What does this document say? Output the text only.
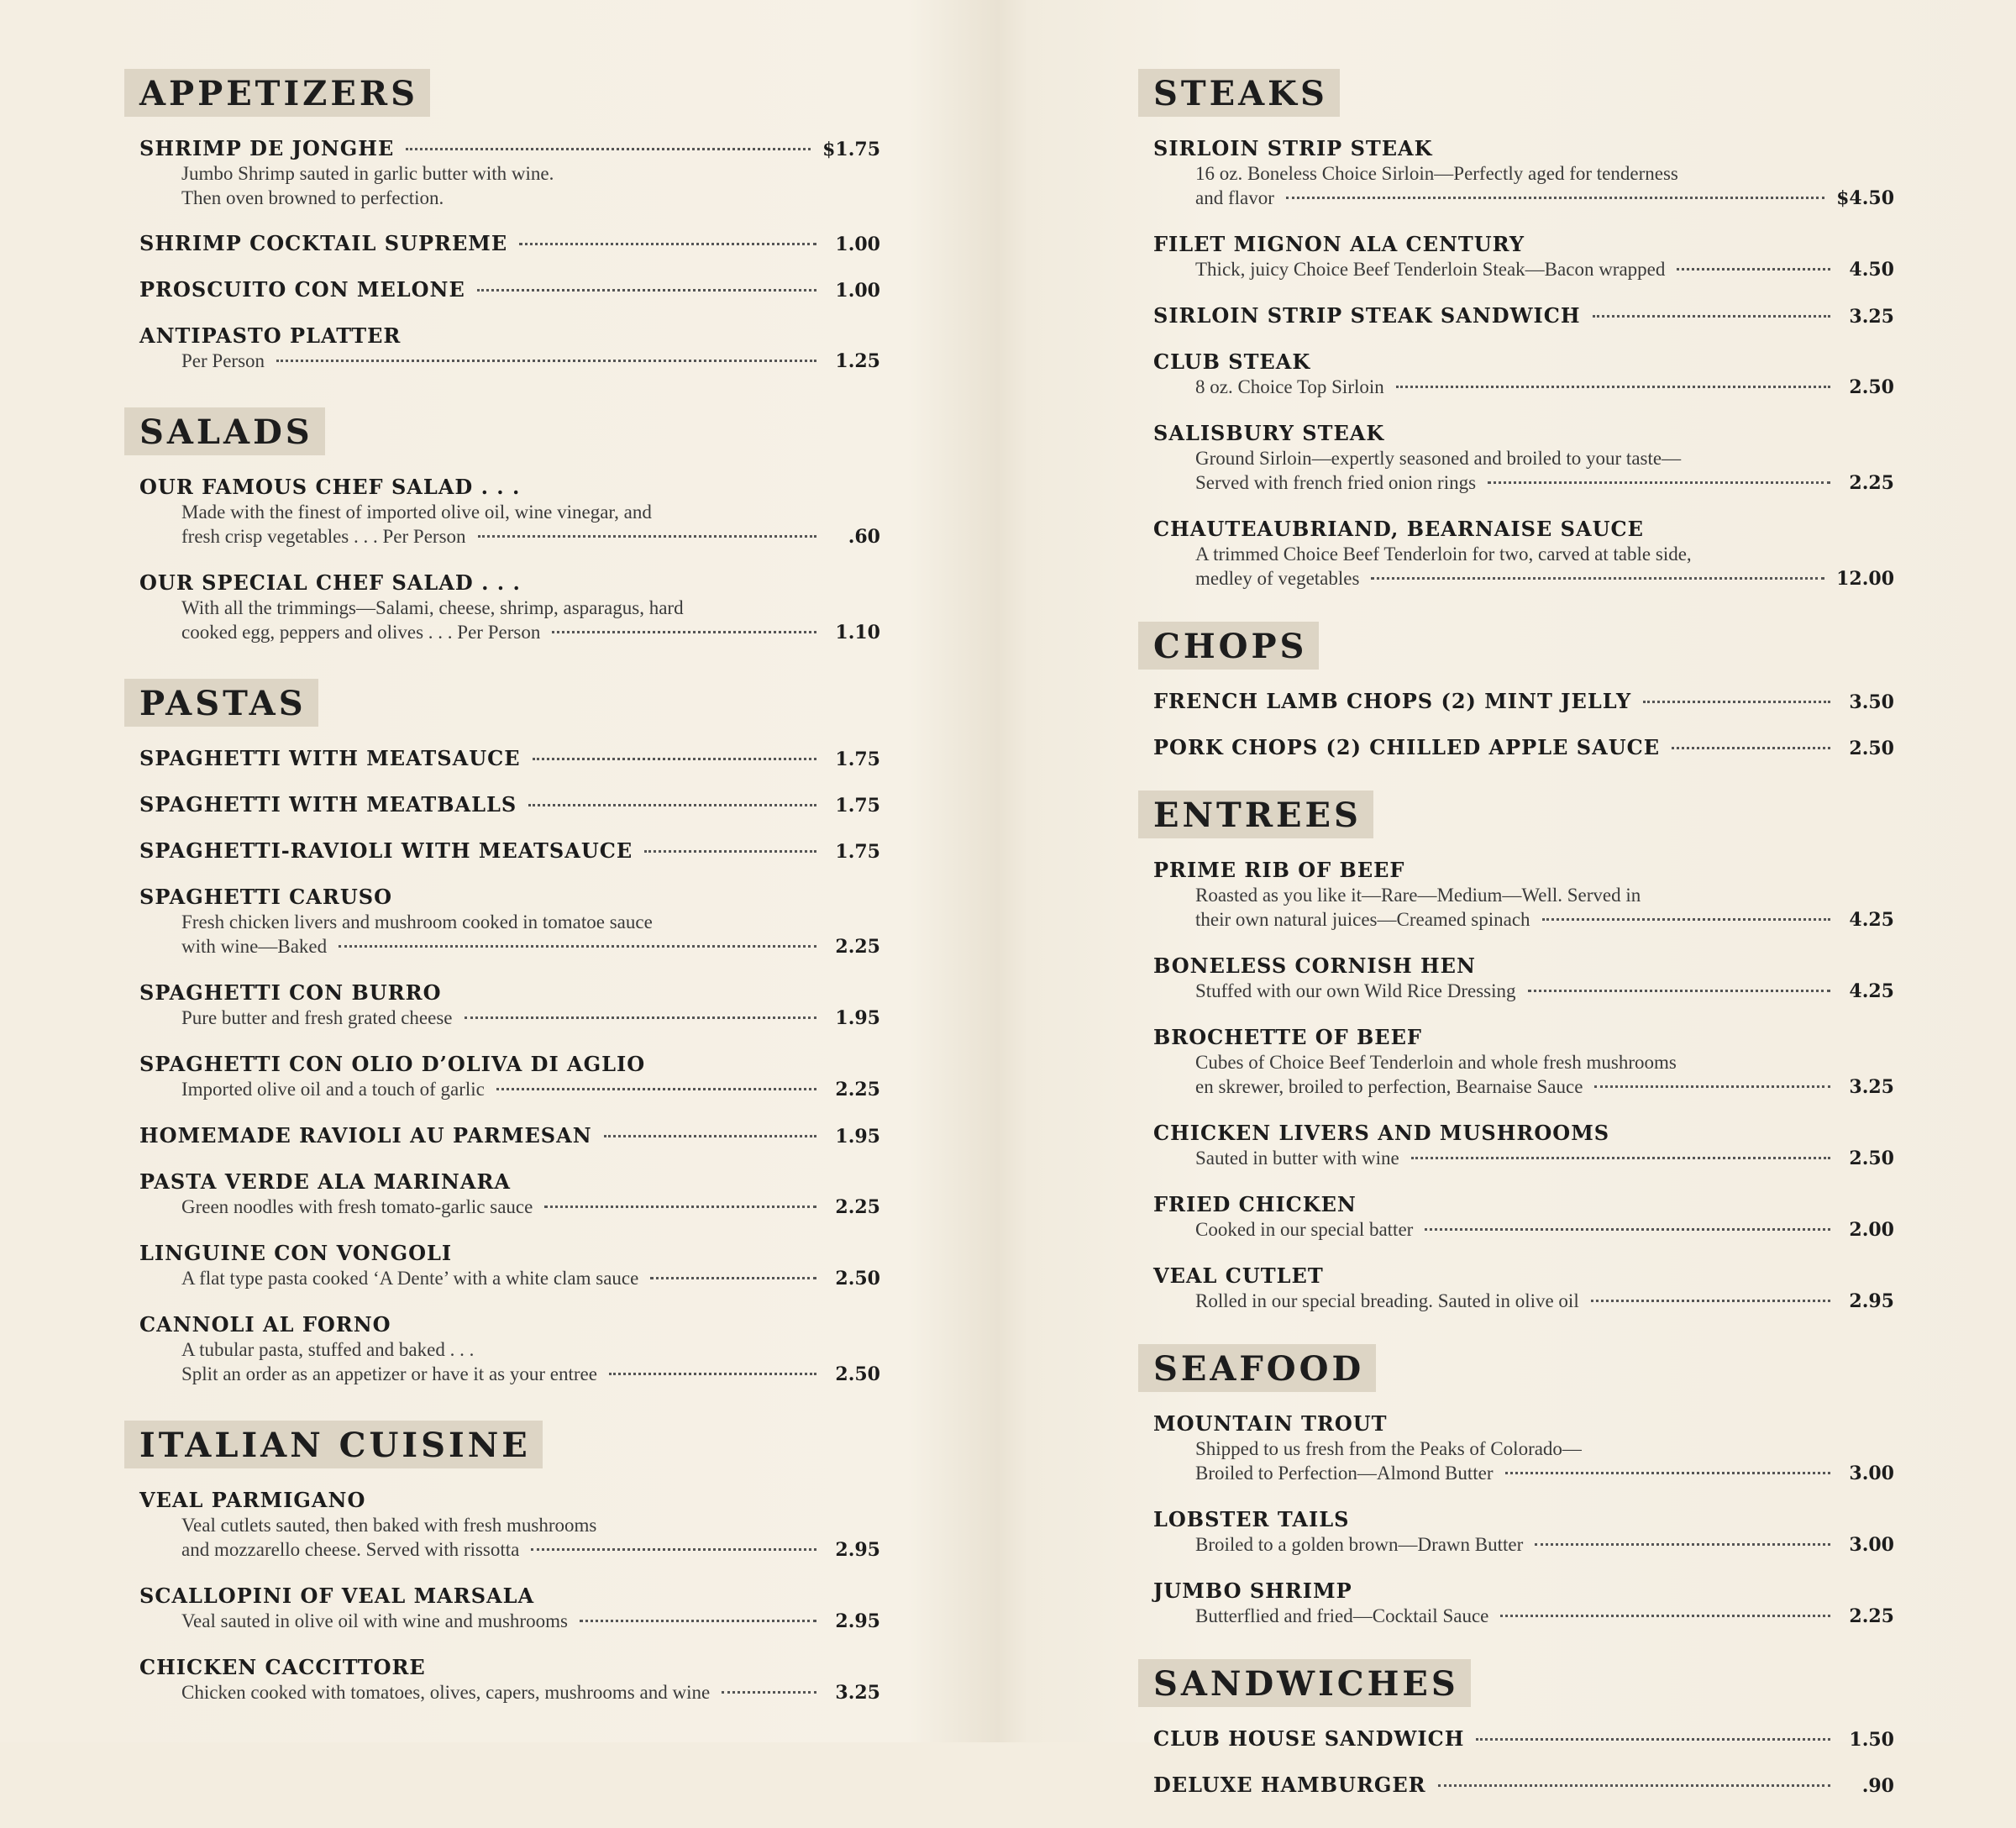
APPETIZERS
SHRIMP DE JONGHE	$1.75
Jumbo Shrimp sauted in garlic butter with wine.
Then oven browned to perfection.
SHRIMP COCKTAIL SUPREME	1.00
PROSCUITO CON MELONE	1.00
ANTIPASTO PLATTER
Per Person	1.25
SALADS
OUR FAMOUS CHEF SALAD . . .
Made with the finest of imported olive oil, wine vinegar, and
fresh crisp vegetables . . . Per Person	.60
OUR SPECIAL CHEF SALAD . . .
With all the trimmings—Salami, cheese, shrimp, asparagus, hard
cooked egg, peppers and olives . . . Per Person	1.10
PASTAS
SPAGHETTI WITH MEATSAUCE	1.75
SPAGHETTI WITH MEATBALLS	1.75
SPAGHETTI-RAVIOLI WITH MEATSAUCE	1.75
SPAGHETTI CARUSO
Fresh chicken livers and mushroom cooked in tomatoe sauce
with wine—Baked	2.25
SPAGHETTI CON BURRO
Pure butter and fresh grated cheese	1.95
SPAGHETTI CON OLIO D’OLIVA DI AGLIO
Imported olive oil and a touch of garlic	2.25
HOMEMADE RAVIOLI AU PARMESAN	1.95
PASTA VERDE ALA MARINARA
Green noodles with fresh tomato-garlic sauce	2.25
LINGUINE CON VONGOLI
A flat type pasta cooked ‘A Dente’ with a white clam sauce	2.50
CANNOLI AL FORNO
A tubular pasta, stuffed and baked . . .
Split an order as an appetizer or have it as your entree	2.50
ITALIAN CUISINE
VEAL PARMIGANO
Veal cutlets sauted, then baked with fresh mushrooms
and mozzarello cheese. Served with rissotta	2.95
SCALLOPINI OF VEAL MARSALA
Veal sauted in olive oil with wine and mushrooms	2.95
CHICKEN CACCITTORE
Chicken cooked with tomatoes, olives, capers, mushrooms and wine	3.25
STEAKS
SIRLOIN STRIP STEAK
16 oz. Boneless Choice Sirloin—Perfectly aged for tenderness
and flavor	$4.50
FILET MIGNON ALA CENTURY
Thick, juicy Choice Beef Tenderloin Steak—Bacon wrapped	4.50
SIRLOIN STRIP STEAK SANDWICH	3.25
CLUB STEAK
8 oz. Choice Top Sirloin	2.50
SALISBURY STEAK
Ground Sirloin—expertly seasoned and broiled to your taste—
Served with french fried onion rings	2.25
CHAUTEAUBRIAND, BEARNAISE SAUCE
A trimmed Choice Beef Tenderloin for two, carved at table side,
medley of vegetables	12.00
CHOPS
FRENCH LAMB CHOPS (2) MINT JELLY	3.50
PORK CHOPS (2) CHILLED APPLE SAUCE	2.50
ENTREES
PRIME RIB OF BEEF
Roasted as you like it—Rare—Medium—Well. Served in
their own natural juices—Creamed spinach	4.25
BONELESS CORNISH HEN
Stuffed with our own Wild Rice Dressing	4.25
BROCHETTE OF BEEF
Cubes of Choice Beef Tenderloin and whole fresh mushrooms
en skrewer, broiled to perfection, Bearnaise Sauce	3.25
CHICKEN LIVERS AND MUSHROOMS
Sauted in butter with wine	2.50
FRIED CHICKEN
Cooked in our special batter	2.00
VEAL CUTLET
Rolled in our special breading. Sauted in olive oil	2.95
SEAFOOD
MOUNTAIN TROUT
Shipped to us fresh from the Peaks of Colorado—
Broiled to Perfection—Almond Butter	3.00
LOBSTER TAILS
Broiled to a golden brown—Drawn Butter	3.00
JUMBO SHRIMP
Butterflied and fried—Cocktail Sauce	2.25
SANDWICHES
CLUB HOUSE SANDWICH	1.50
DELUXE HAMBURGER	.90
